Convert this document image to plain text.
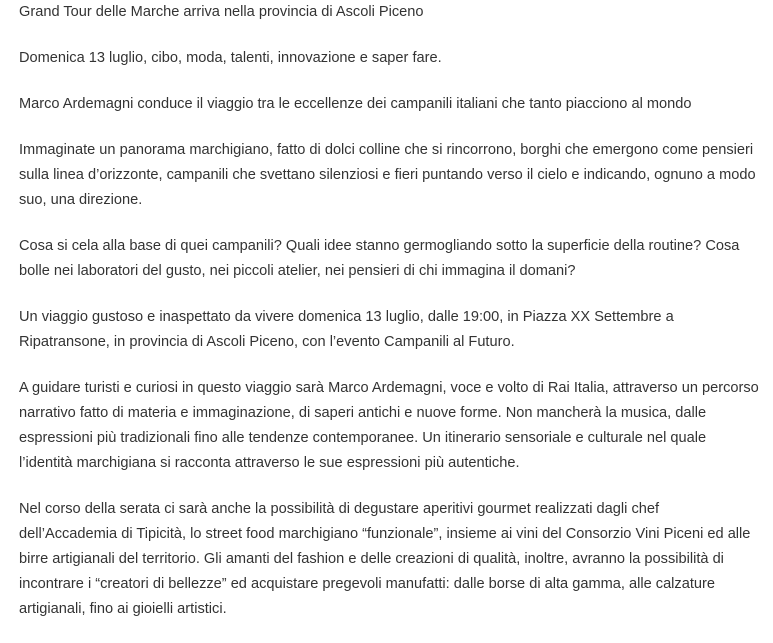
Grand Tour delle Marche arriva nella provincia di Ascoli Piceno

Domenica 13 luglio, cibo, moda, talenti, innovazione e saper fare.

Marco Ardemagni conduce il viaggio tra le eccellenze dei campanili italiani che tanto piacciono al mondo

Immaginate un panorama marchigiano, fatto di dolci colline che si rincorrono, borghi che emergono come pensieri sulla linea d’orizzonte, campanili che svettano silenziosi e fieri puntando verso il cielo e indicando, ognuno a modo suo, una direzione.

Cosa si cela alla base di quei campanili? Quali idee stanno germogliando sotto la superficie della routine? Cosa bolle nei laboratori del gusto, nei piccoli atelier, nei pensieri di chi immagina il domani?

Un viaggio gustoso e inaspettato da vivere domenica 13 luglio, dalle 19:00, in Piazza XX Settembre a Ripatransone, in provincia di Ascoli Piceno, con l’evento Campanili al Futuro.

A guidare turisti e curiosi in questo viaggio sarà Marco Ardemagni, voce e volto di Rai Italia, attraverso un percorso narrativo fatto di materia e immaginazione, di saperi antichi e nuove forme. Non mancherà la musica, dalle espressioni più tradizionali fino alle tendenze contemporanee. Un itinerario sensoriale e culturale nel quale l’identità marchigiana si racconta attraverso le sue espressioni più autentiche.

Nel corso della serata ci sarà anche la possibilità di degustare aperitivi gourmet realizzati dagli chef dell’Accademia di Tipicità, lo street food marchigiano “funzionale”, insieme ai vini del Consorzio Vini Piceni ed alle birre artigianali del territorio. Gli amanti del fashion e delle creazioni di qualità, inoltre, avranno la possibilità di incontrare i “creatori di bellezze” ed acquistare pregevoli manufatti: dalle borse di alta gamma, alle calzature artigianali, fino ai gioielli artistici.
